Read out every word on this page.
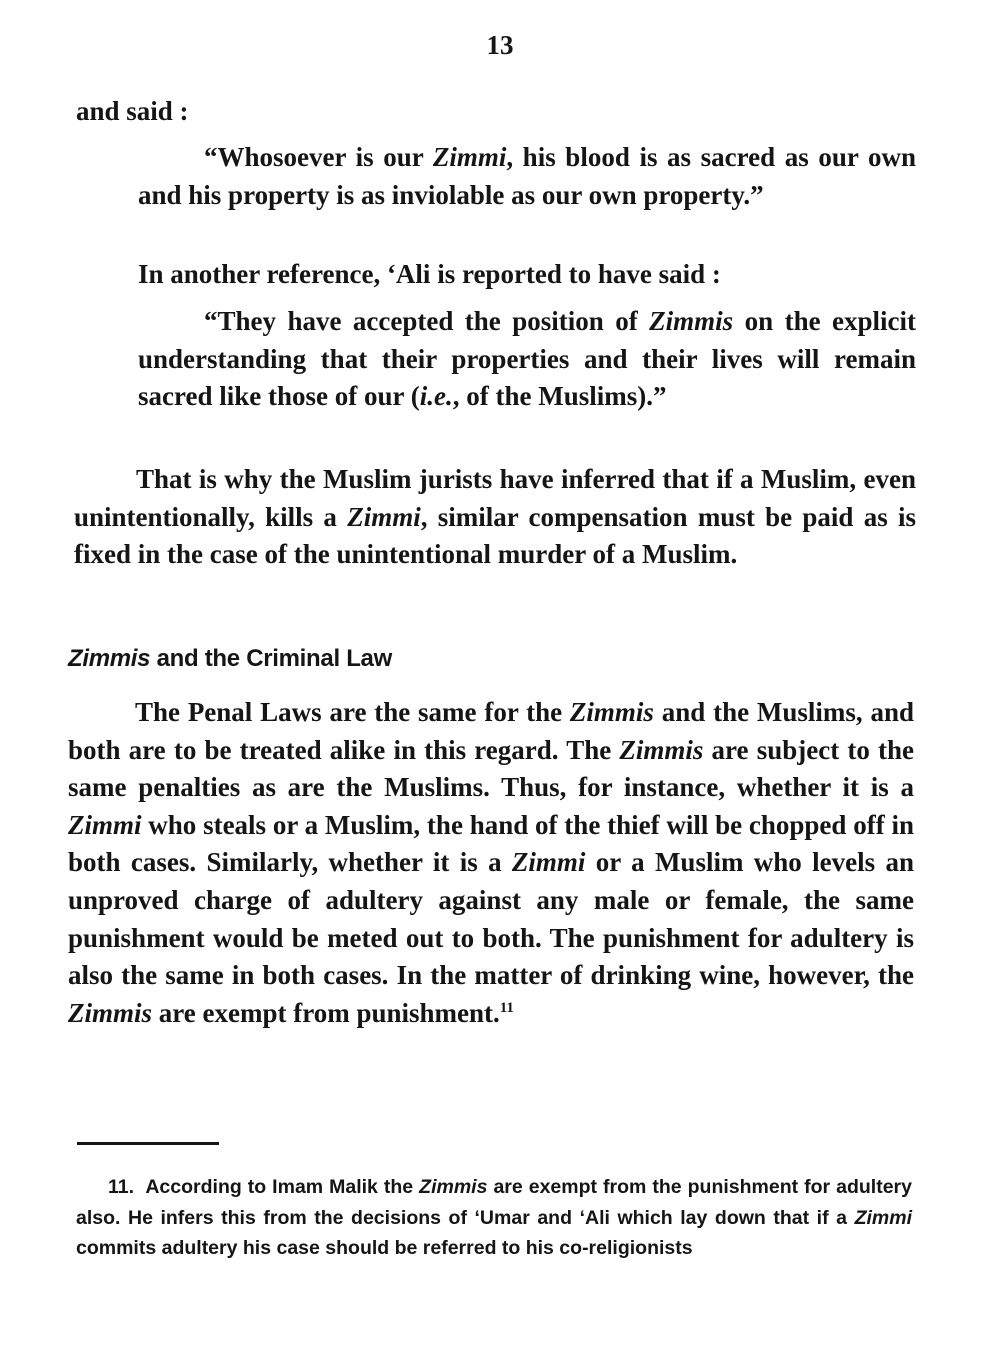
13
and said :
“Whosoever is our Zimmi, his blood is as sacred as our own and his property is as inviolable as our own property.”
In another reference, ‘Ali is reported to have said :
“They have accepted the position of Zimmis on the explicit understanding that their properties and their lives will remain sacred like those of our (i.e., of the Muslims).”
That is why the Muslim jurists have inferred that if a Muslim, even unintentionally, kills a Zimmi, similar compensation must be paid as is fixed in the case of the unintentional murder of a Muslim.
Zimmis and the Criminal Law
The Penal Laws are the same for the Zimmis and the Muslims, and both are to be treated alike in this regard. The Zimmis are subject to the same penalties as are the Muslims. Thus, for instance, whether it is a Zimmi who steals or a Muslim, the hand of the thief will be chopped off in both cases. Similarly, whether it is a Zimmi or a Muslim who levels an unproved charge of adultery against any male or female, the same punishment would be meted out to both. The punishment for adultery is also the same in both cases. In the matter of drinking wine, however, the Zimmis are exempt from punishment.$^{11}$
11. According to Imam Malik the Zimmis are exempt from the punishment for adultery also. He infers this from the decisions of ‘Umar and ‘Ali which lay down that if a Zimmi commits adultery his case should be referred to his co-religionists
